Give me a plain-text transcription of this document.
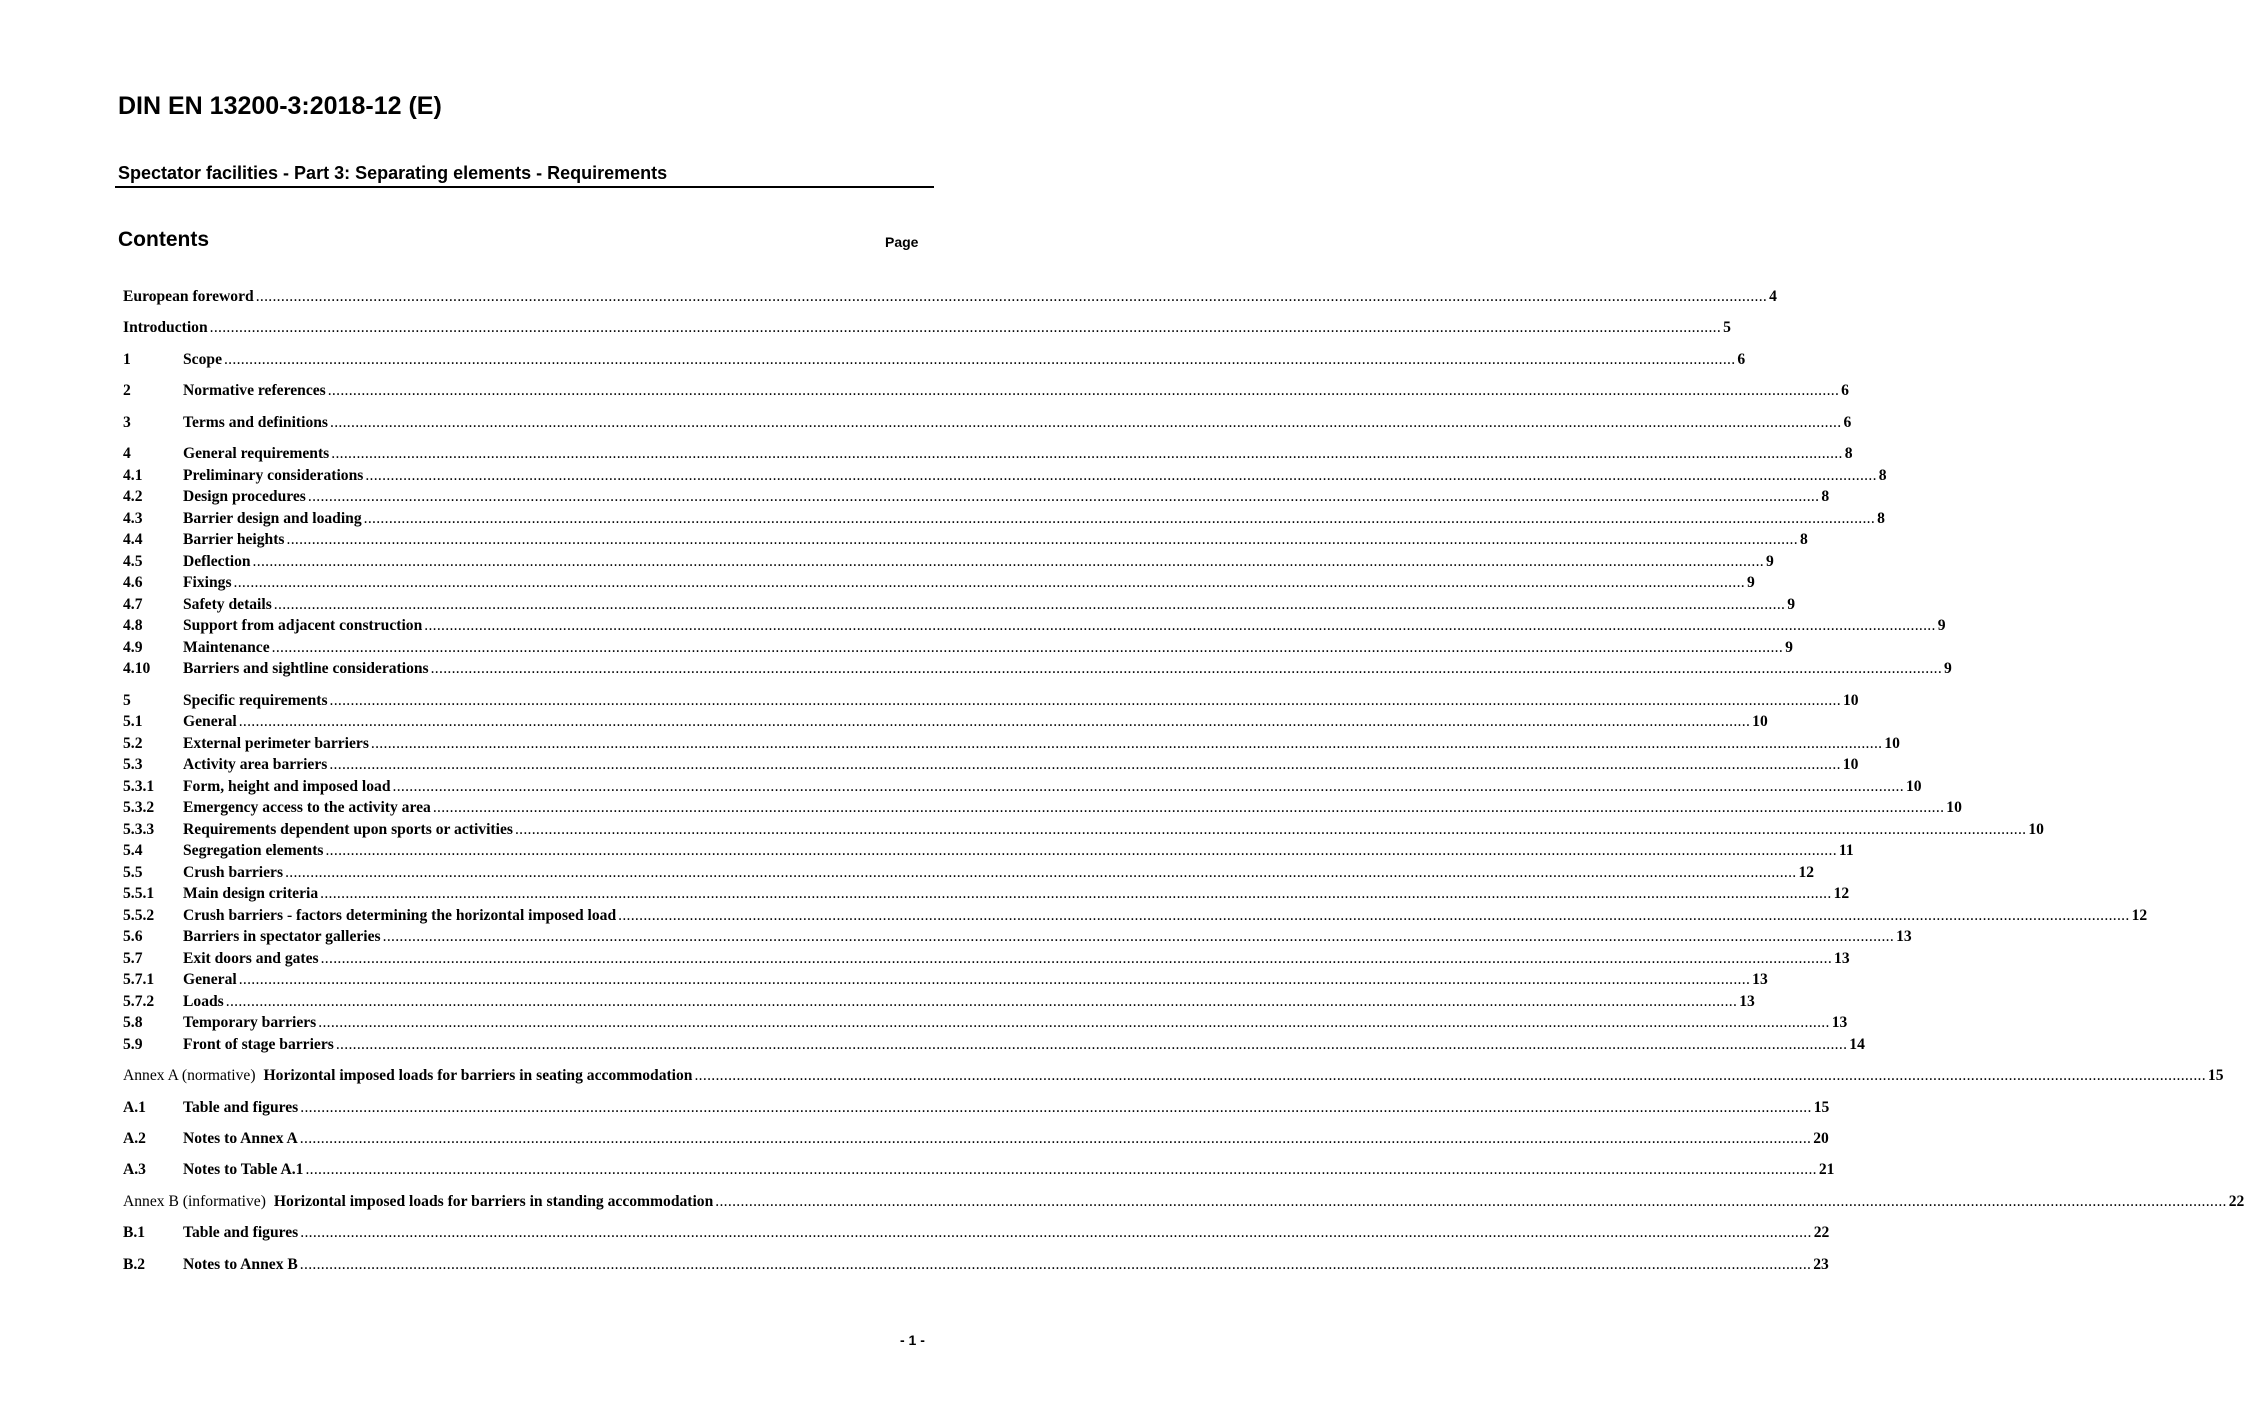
DIN EN 13200-3:2018-12 (E)
Spectator facilities - Part 3: Separating elements - Requirements
Contents	Page
European foreword .....	4
Introduction .....	5
1	Scope .....	6
2	Normative references .....	6
3	Terms and definitions .....	6
4	General requirements .....	8
4.1	Preliminary considerations .....	8
4.2	Design procedures .....	8
4.3	Barrier design and loading .....	8
4.4	Barrier heights .....	8
4.5	Deflection .....	9
4.6	Fixings .....	9
4.7	Safety details .....	9
4.8	Support from adjacent construction .....	9
4.9	Maintenance .....	9
4.10	Barriers and sightline considerations .....	9
5	Specific requirements .....	10
5.1	General .....	10
5.2	External perimeter barriers .....	10
5.3	Activity area barriers .....	10
5.3.1	Form, height and imposed load .....	10
5.3.2	Emergency access to the activity area .....	10
5.3.3	Requirements dependent upon sports or activities .....	10
5.4	Segregation elements .....	11
5.5	Crush barriers .....	12
5.5.1	Main design criteria .....	12
5.5.2	Crush barriers - factors determining the horizontal imposed load .....	12
5.6	Barriers in spectator galleries .....	13
5.7	Exit doors and gates .....	13
5.7.1	General .....	13
5.7.2	Loads .....	13
5.8	Temporary barriers .....	13
5.9	Front of stage barriers .....	14
Annex A (normative) Horizontal imposed loads for barriers in seating accommodation .....	15
A.1	Table and figures .....	15
A.2	Notes to Annex A .....	20
A.3	Notes to Table A.1 .....	21
Annex B (informative) Horizontal imposed loads for barriers in standing accommodation .....	22
B.1	Table and figures .....	22
B.2	Notes to Annex B .....	23
- 1 -
